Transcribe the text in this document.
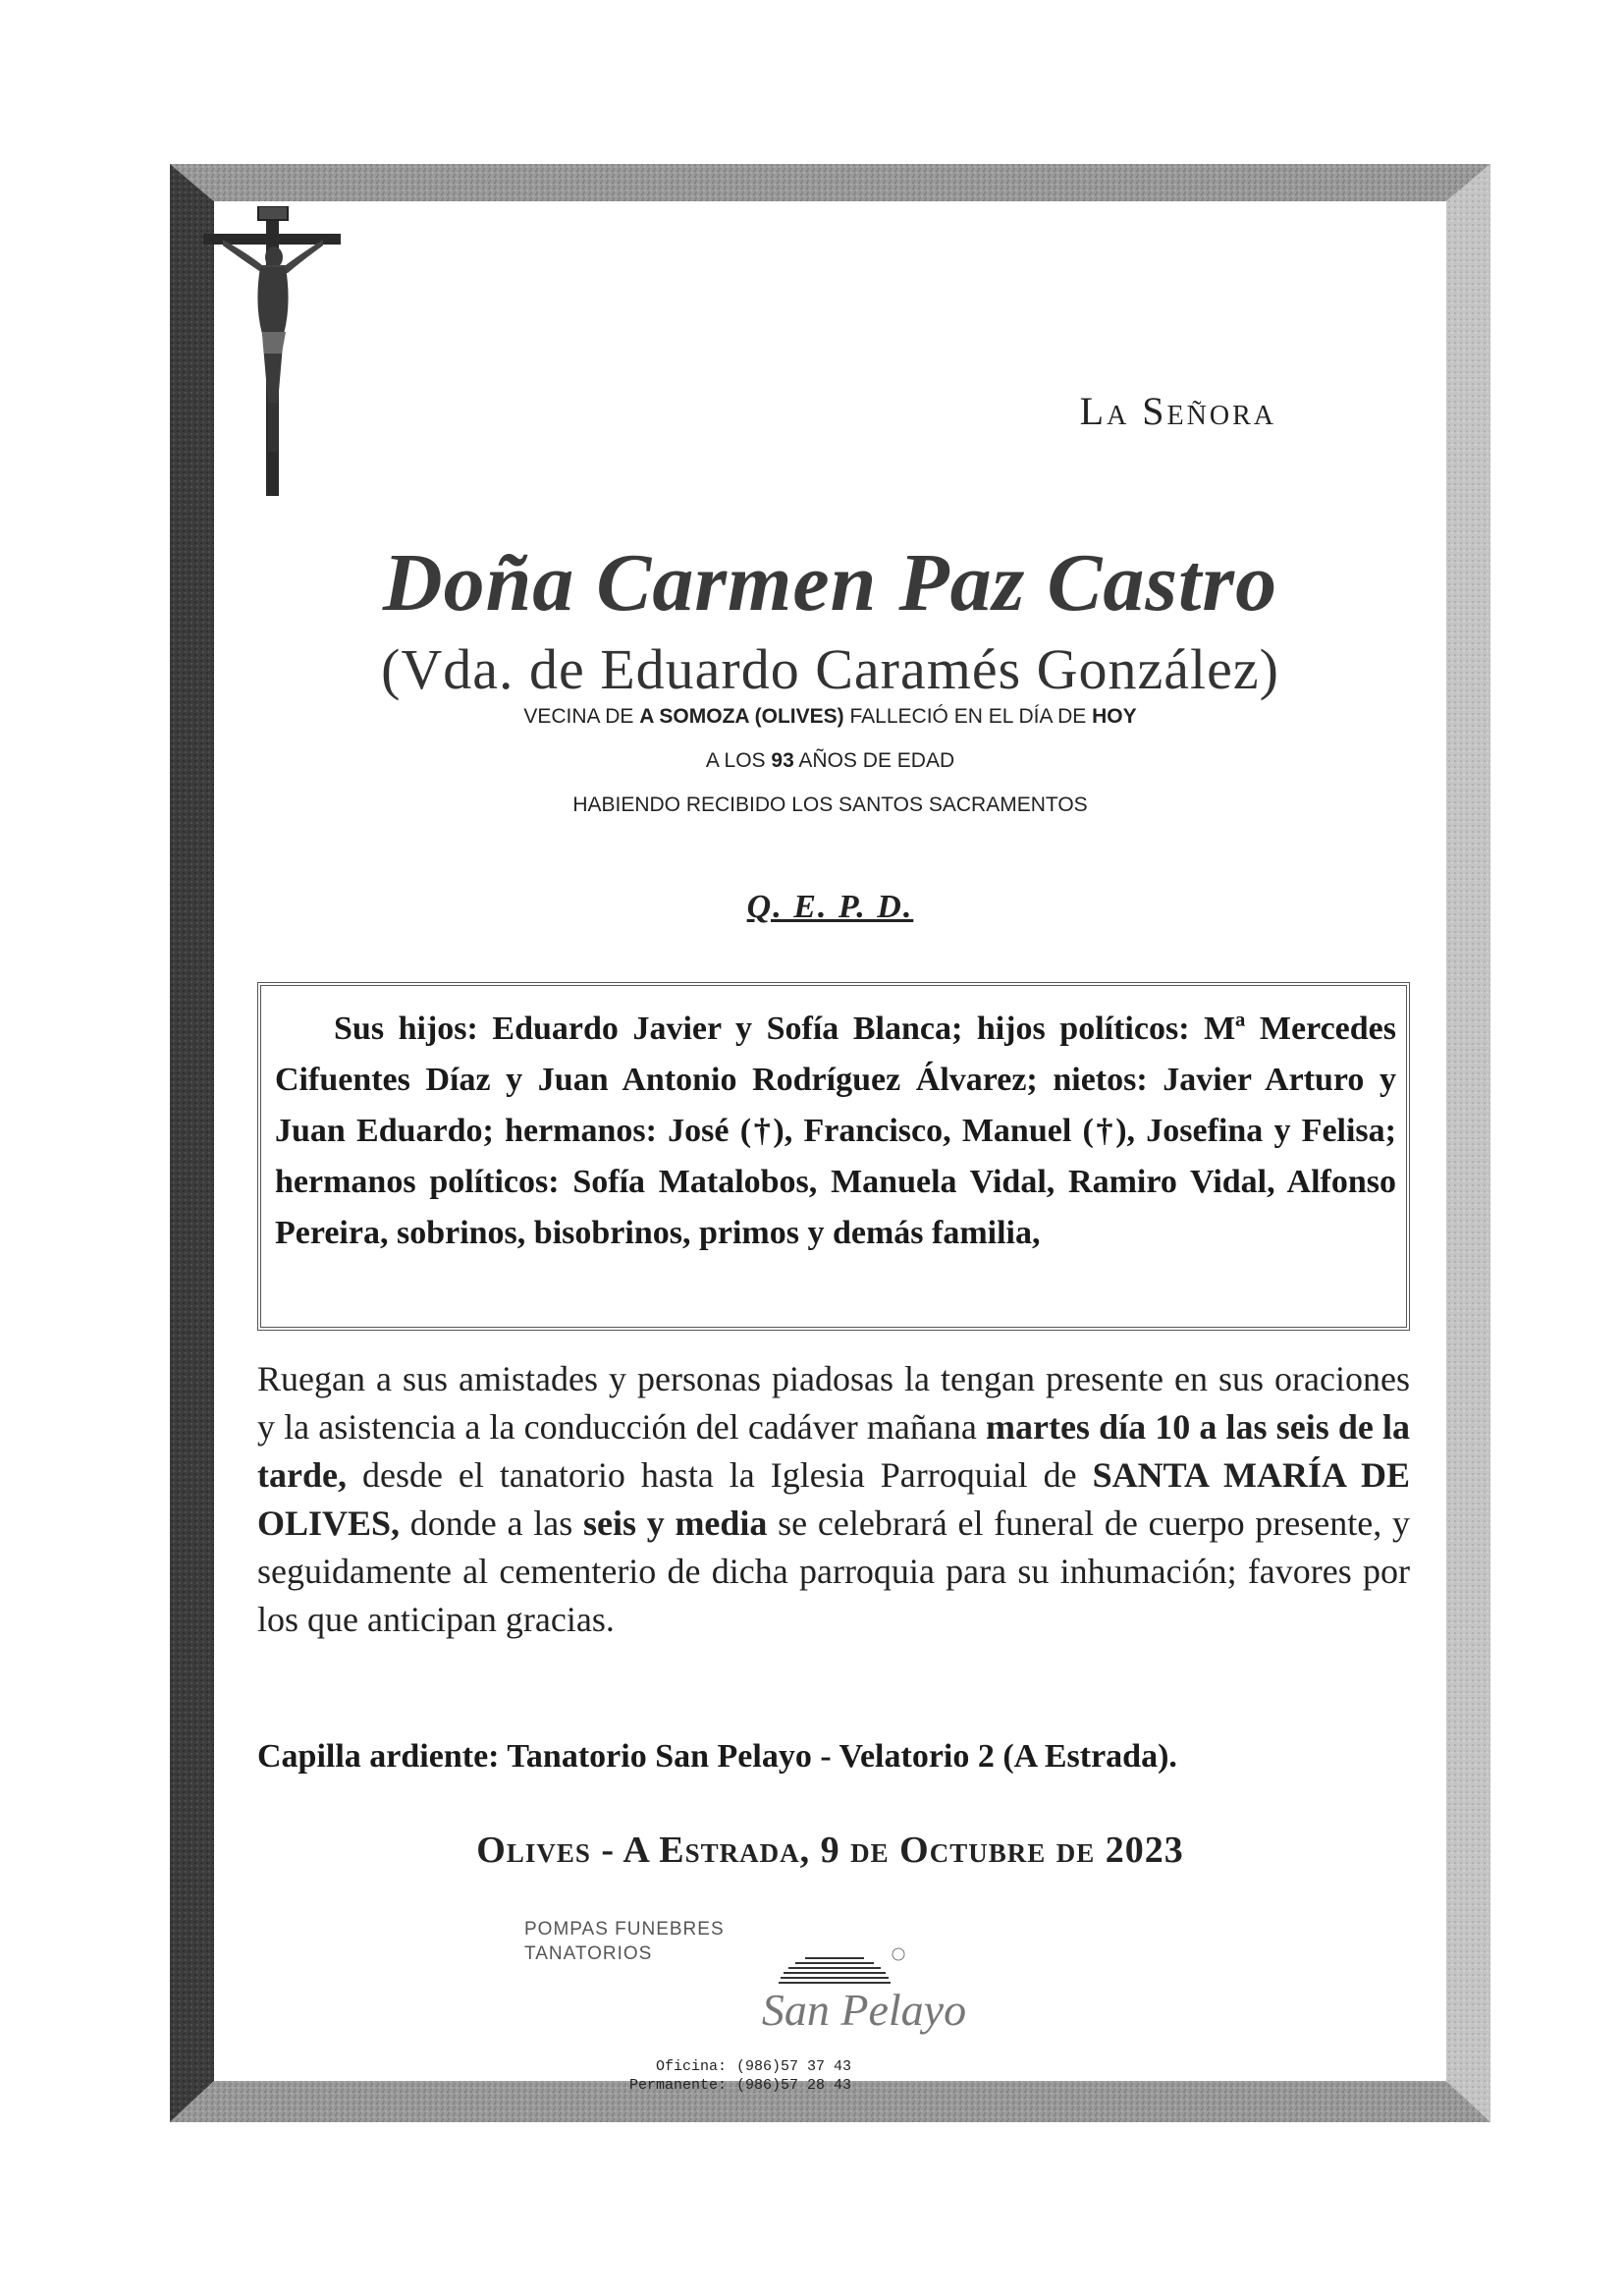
La Señora
Doña Carmen Paz Castro
(Vda. de Eduardo Caramés González)
VECINA DE A SOMOZA (OLIVES) FALLECIÓ EN EL DÍA DE HOY
A LOS 93 AÑOS DE EDAD
HABIENDO RECIBIDO LOS SANTOS SACRAMENTOS
Q. E. P. D.
Sus hijos: Eduardo Javier y Sofía Blanca; hijos políticos: Mª Mercedes Cifuentes Díaz y Juan Antonio Rodríguez Álvarez; nietos: Javier Arturo y Juan Eduardo; hermanos: José (†), Francisco, Manuel (†), Josefina y Felisa; hermanos políticos: Sofía Matalobos, Manuela Vidal, Ramiro Vidal, Alfonso Pereira, sobrinos, bisobrinos, primos y demás familia,
Ruegan a sus amistades y personas piadosas la tengan presente en sus oraciones y la asistencia a la conducción del cadáver mañana martes día 10 a las seis de la tarde, desde el tanatorio hasta la Iglesia Parroquial de SANTA MARÍA DE OLIVES, donde a las seis y media se celebrará el funeral de cuerpo presente, y seguidamente al cementerio de dicha parroquia para su inhumación; favores por los que anticipan gracias.
Capilla ardiente: Tanatorio San Pelayo - Velatorio 2 (A Estrada).
Olives - A Estrada, 9 de Octubre de 2023
POMPAS FUNEBRES
TANATORIOS
San Pelayo
Oficina: (986)57 37 43
Permanente: (986)57 28 43
